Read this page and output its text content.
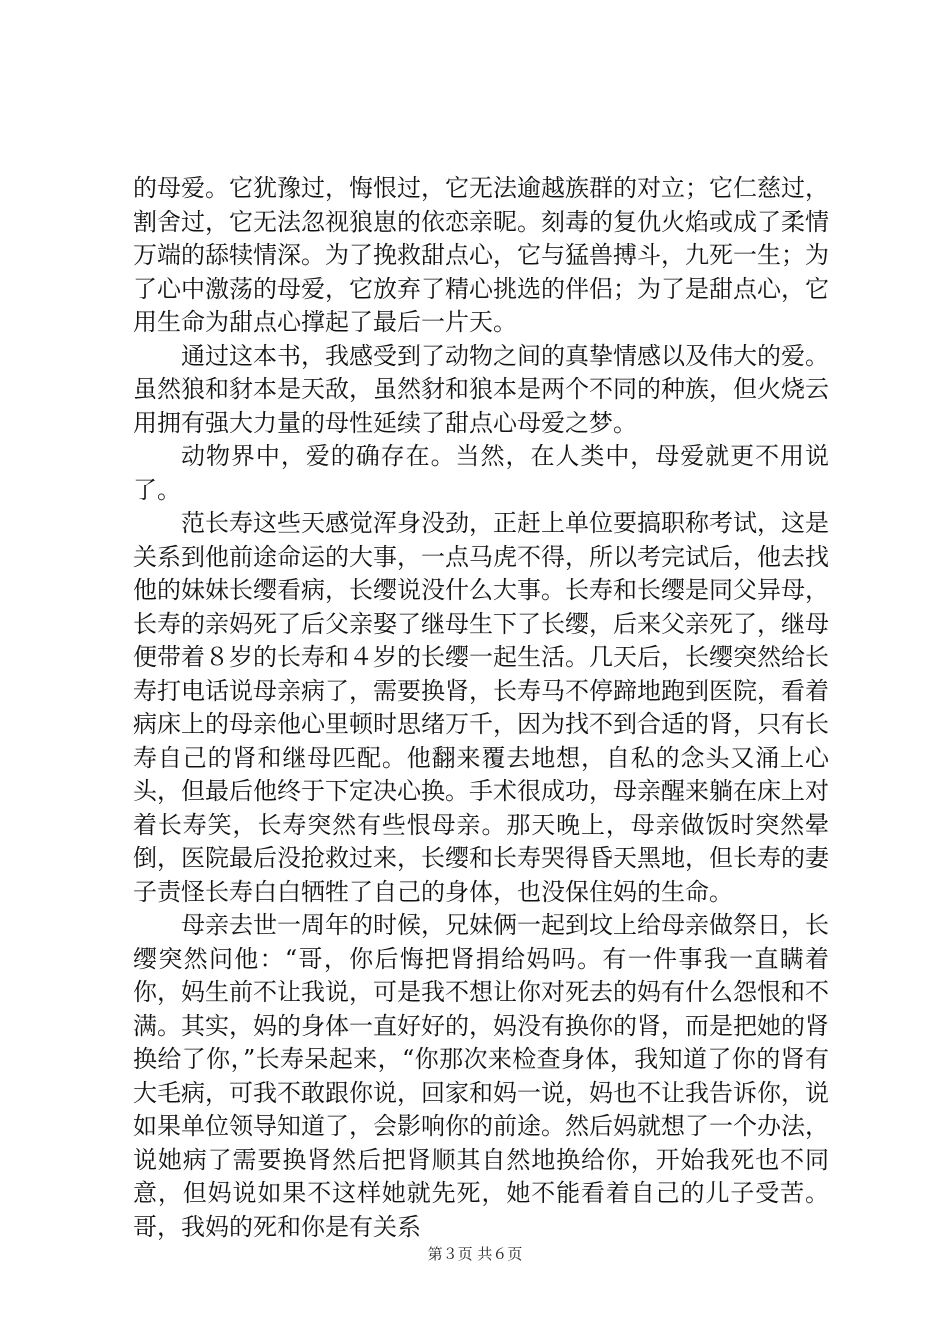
的母爱。它犹豫过，悔恨过，它无法逾越族群的对立；它仁慈过，割舍过，它无法忽视狼崽的依恋亲昵。刻毒的复仇火焰或成了柔情万端的舔犊情深。为了挽救甜点心，它与猛兽搏斗，九死一生；为了心中激荡的母爱，它放弃了精心挑选的伴侣；为了是甜点心，它用生命为甜点心撑起了最后一片天。

通过这本书，我感受到了动物之间的真挚情感以及伟大的爱。虽然狼和豺本是天敌，虽然豺和狼本是两个不同的种族，但火烧云用拥有强大力量的母性延续了甜点心母爱之梦。

动物界中，爱的确存在。当然，在人类中，母爱就更不用说了。

范长寿这些天感觉浑身没劲，正赶上单位要搞职称考试，这是关系到他前途命运的大事，一点马虎不得，所以考完试后，他去找他的妹妹长缨看病，长缨说没什么大事。长寿和长缨是同父异母，长寿的亲妈死了后父亲娶了继母生下了长缨，后来父亲死了，继母便带着８岁的长寿和４岁的长缨一起生活。几天后，长缨突然给长寿打电话说母亲病了，需要换肾，长寿马不停蹄地跑到医院，看着病床上的母亲他心里顿时思绪万千，因为找不到合适的肾，只有长寿自己的肾和继母匹配。他翻来覆去地想，自私的念头又涌上心头，但最后他终于下定决心换。手术很成功，母亲醒来躺在床上对着长寿笑，长寿突然有些恨母亲。那天晚上，母亲做饭时突然晕倒，医院最后没抢救过来，长缨和长寿哭得昏天黑地，但长寿的妻子责怪长寿白白牺牲了自己的身体，也没保住妈的生命。

母亲去世一周年的时候，兄妹俩一起到坟上给母亲做祭日，长缨突然问他：“哥，你后悔把肾捐给妈吗。有一件事我一直瞒着你，妈生前不让我说，可是我不想让你对死去的妈有什么怨恨和不满。其实，妈的身体一直好好的，妈没有换你的肾，而是把她的肾换给了你，”长寿呆起来，“你那次来检查身体，我知道了你的肾有大毛病，可我不敢跟你说，回家和妈一说，妈也不让我告诉你，说如果单位领导知道了，会影响你的前途。然后妈就想了一个办法，说她病了需要换肾然后把肾顺其自然地换给你，开始我死也不同意，但妈说如果不这样她就先死，她不能看着自己的儿子受苦。哥，我妈的死和你是有关系

第３页 共６页
